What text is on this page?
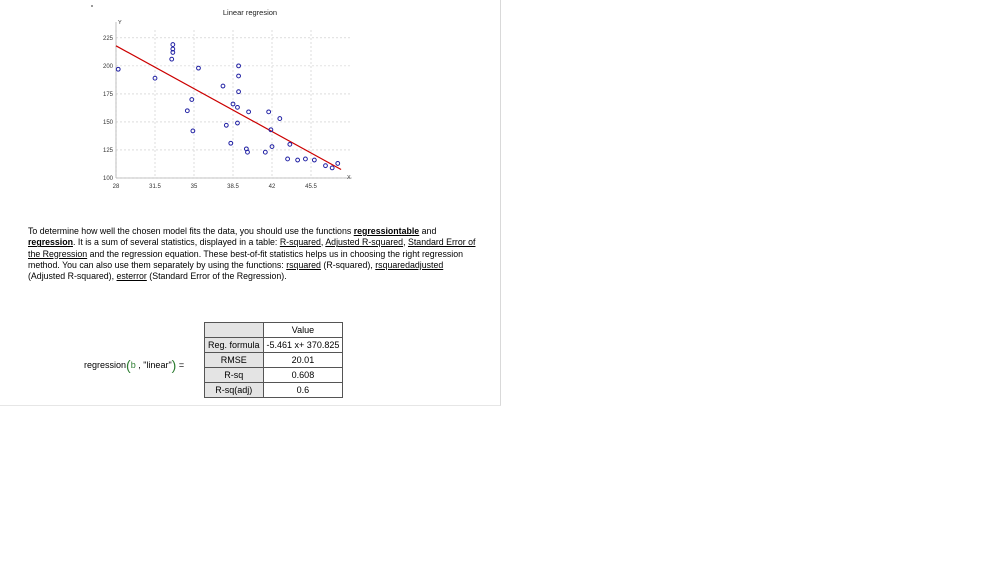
100
125
150
175
200
225
28	31.5	35	38.5	42	45.5
Y
X
Linear regresion
To determine how well the chosen model fits the data, you should use the functions regressiontable and regression. It is a sum of several statistics, displayed in a table: R-squared, Adjusted R-squared, Standard Error of the Regression and the regression equation. These best-of-fit statistics helps us in choosing the right regression method. You can also use them separately by using the functions: rsquared (R-squared), rsquaredadjusted (Adjusted R-squared), esterror (Standard Error of the Regression).
regression(b , "linear") =
	Value
Reg. formula	-5.461 x+ 370.825
RMSE	20.01
R-sq	0.608
R-sq(adj)	0.6
